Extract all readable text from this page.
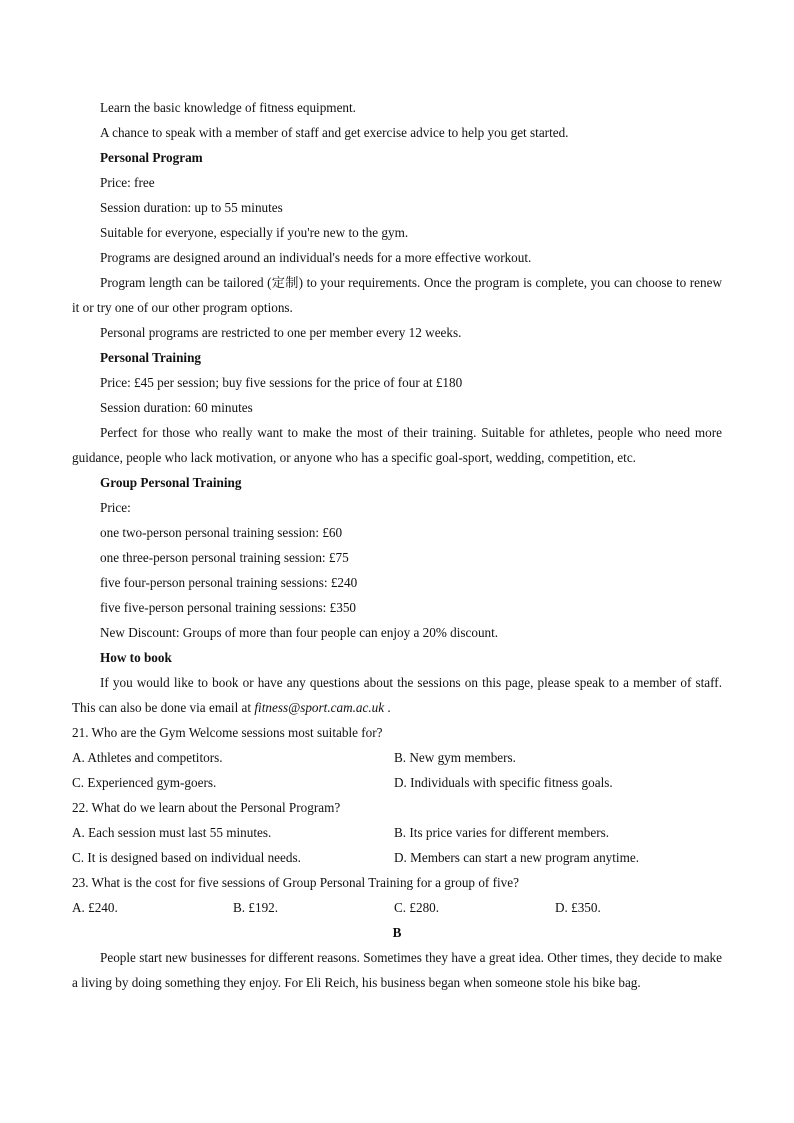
Learn the basic knowledge of fitness equipment.

A chance to speak with a member of staff and get exercise advice to help you get started.

Personal Program

Price: free

Session duration: up to 55 minutes

Suitable for everyone, especially if you're new to the gym.

Programs are designed around an individual's needs for a more effective workout.

Program length can be tailored (定制) to your requirements. Once the program is complete, you can choose to renew it or try one of our other program options.

Personal programs are restricted to one per member every 12 weeks.

Personal Training

Price: £45 per session; buy five sessions for the price of four at £180

Session duration: 60 minutes

Perfect for those who really want to make the most of their training. Suitable for athletes, people who need more guidance, people who lack motivation, or anyone who has a specific goal-sport, wedding, competition, etc.

Group Personal Training

Price:

one two-person personal training session: £60

one three-person personal training session: £75

five four-person personal training sessions: £240

five five-person personal training sessions: £350

New Discount: Groups of more than four people can enjoy a 20% discount.

How to book

If you would like to book or have any questions about the sessions on this page, please speak to a member of staff. This can also be done via email at fitness@sport.cam.ac.uk .

21. Who are the Gym Welcome sessions most suitable for?

A. Athletes and competitors.	B. New gym members.
C. Experienced gym-goers.	D. Individuals with specific fitness goals.

22. What do we learn about the Personal Program?

A. Each session must last 55 minutes.	B. Its price varies for different members.
C. It is designed based on individual needs.	D. Members can start a new program anytime.

23. What is the cost for five sessions of Group Personal Training for a group of five?

A. £240.	B. £192.	C. £280.	D. £350.
B

People start new businesses for different reasons. Sometimes they have a great idea. Other times, they decide to make a living by doing something they enjoy. For Eli Reich, his business began when someone stole his bike bag.
